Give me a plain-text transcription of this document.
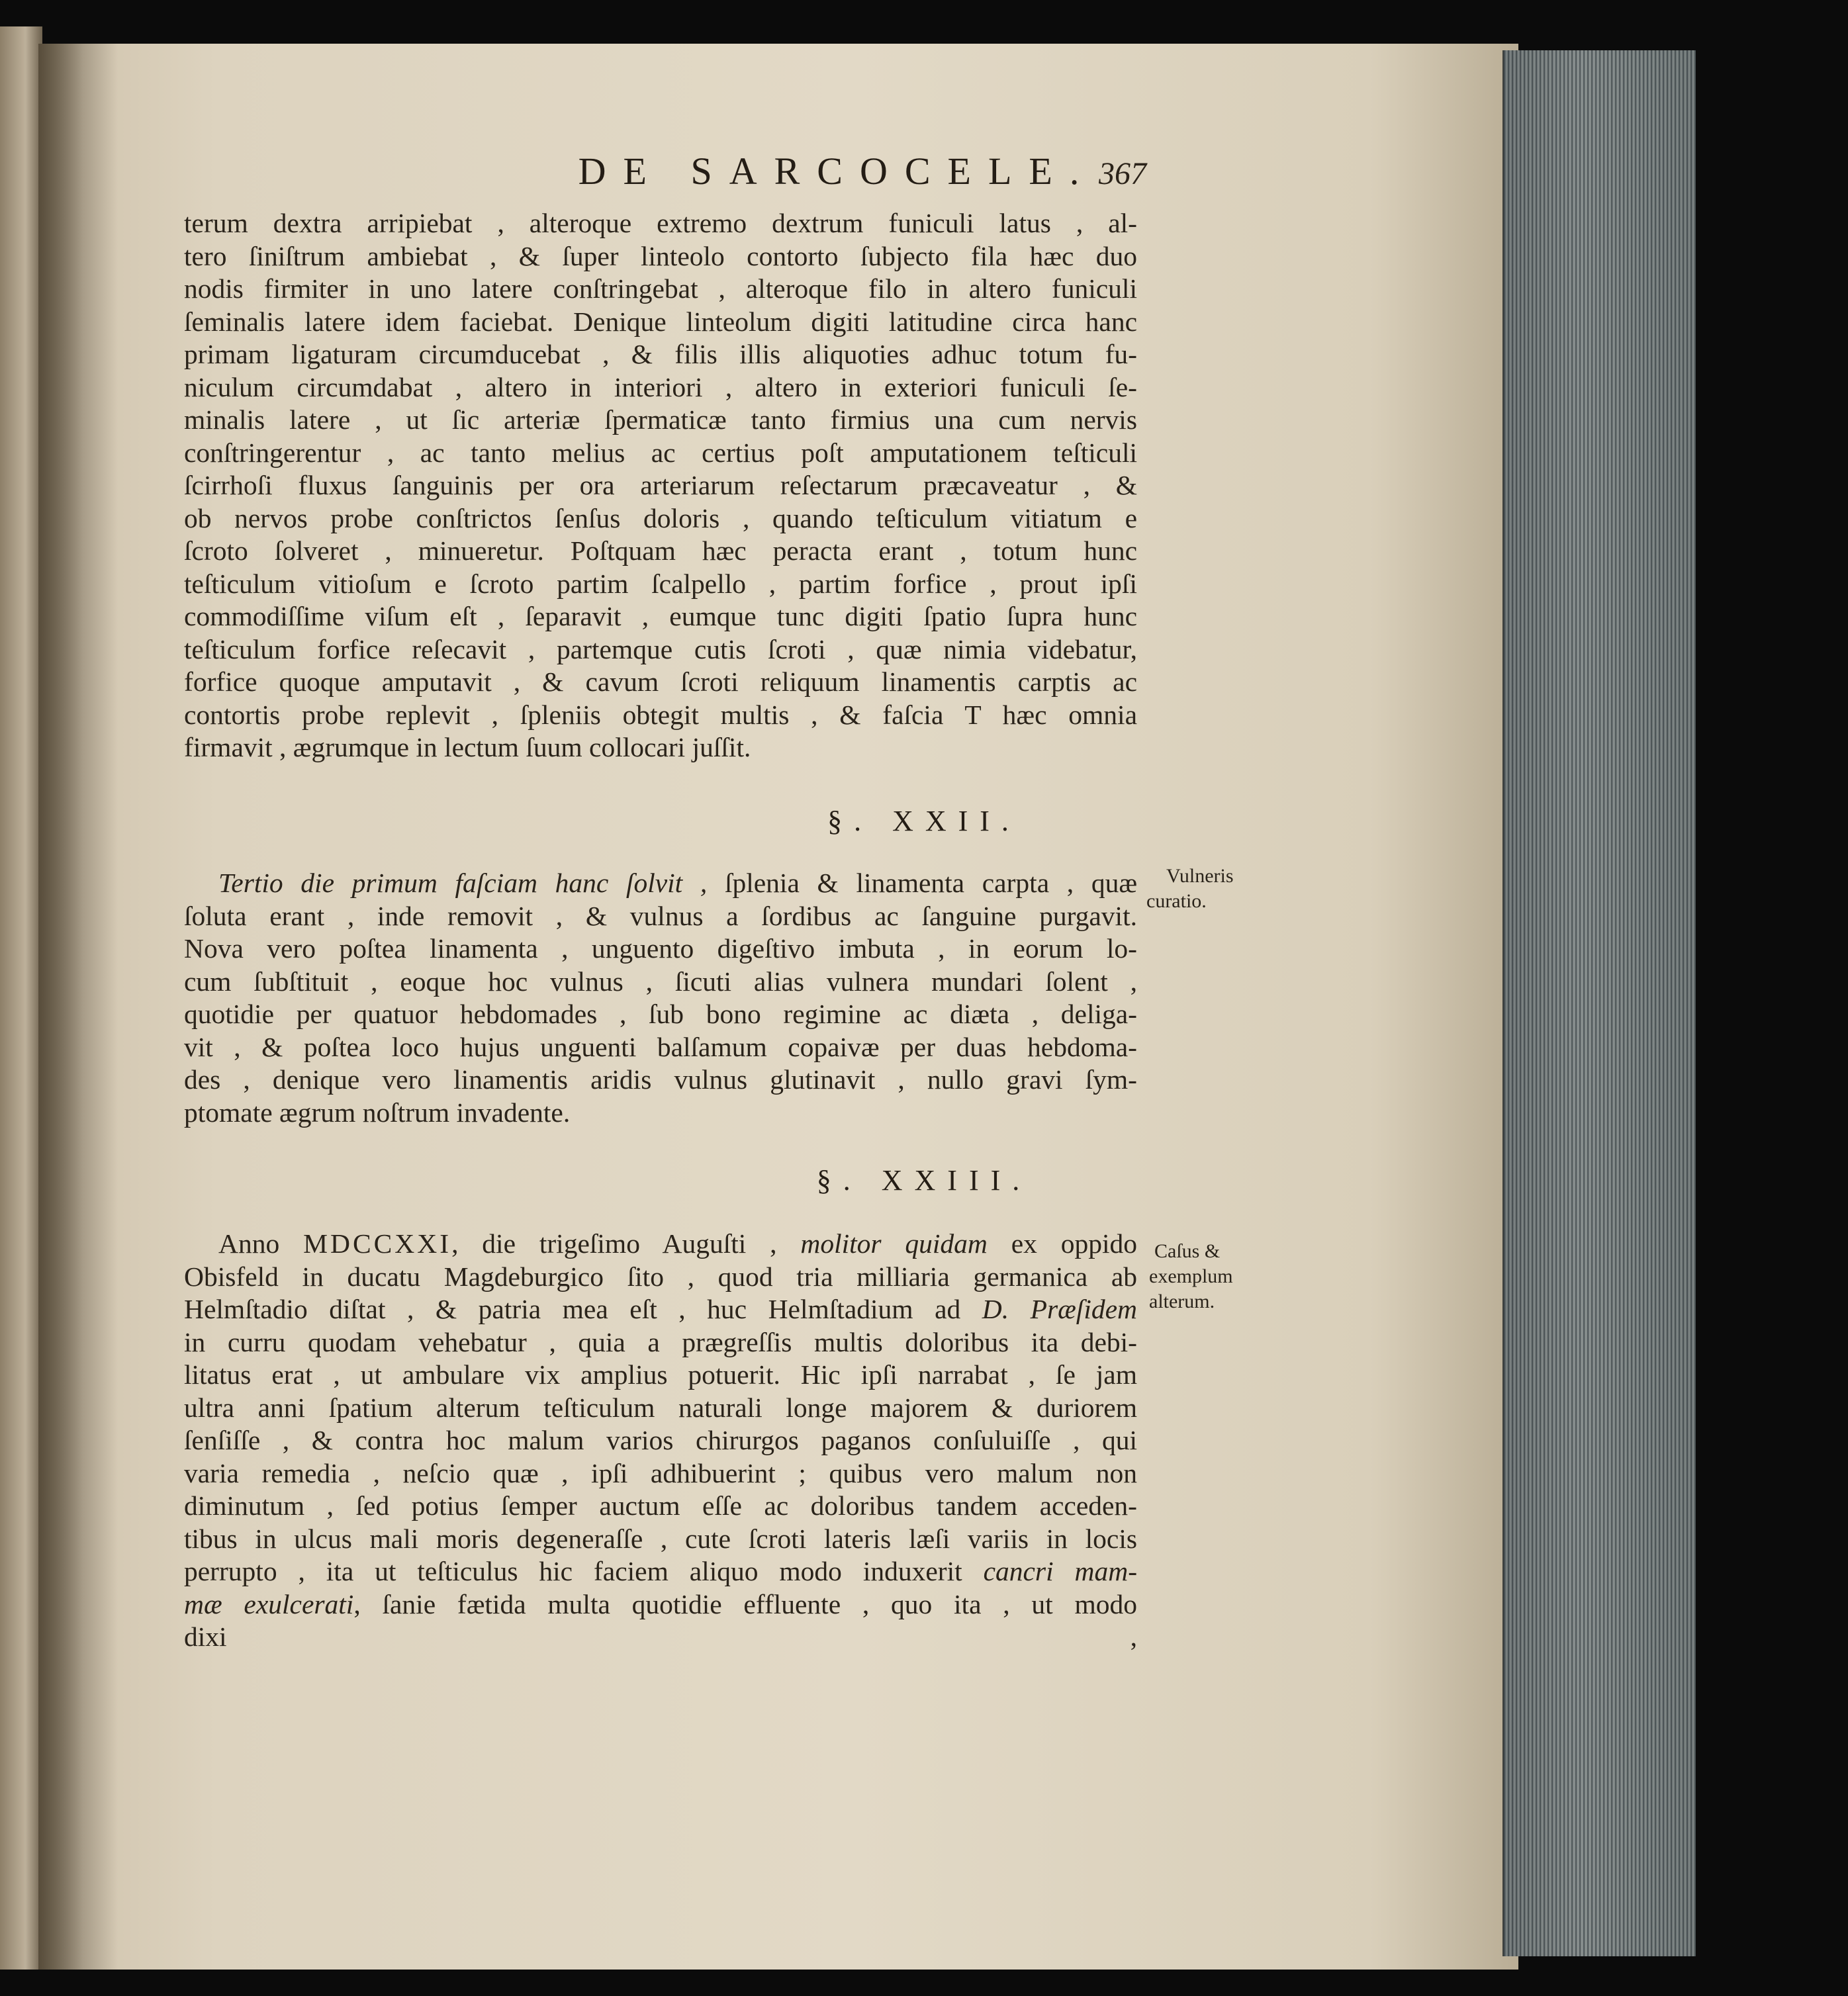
DE SARCOCELE. 367
terum dextra arripiebat , alteroque extremo dextrum funiculi latus , al-
tero ſiniſtrum ambiebat , & ſuper linteolo contorto ſubjecto fila hæc duo
nodis firmiter in uno latere conſtringebat , alteroque filo in altero funiculi
ſeminalis latere idem faciebat. Denique linteolum digiti latitudine circa hanc
primam ligaturam circumducebat , & filis illis aliquoties adhuc totum fu-
niculum circumdabat , altero in interiori , altero in exteriori funiculi ſe-
minalis latere , ut ſic arteriæ ſpermaticæ tanto firmius una cum nervis
conſtringerentur , ac tanto melius ac certius poſt amputationem teſticuli
ſcirrhoſi fluxus ſanguinis per ora arteriarum reſectarum præcaveatur , &
ob nervos probe conſtrictos ſenſus doloris , quando teſticulum vitiatum e
ſcroto ſolveret , minueretur. Poſtquam hæc peracta erant , totum hunc
teſticulum vitioſum e ſcroto partim ſcalpello , partim forfice , prout ipſi
commodiſſime viſum eſt , ſeparavit , eumque tunc digiti ſpatio ſupra hunc
teſticulum forfice reſecavit , partemque cutis ſcroti , quæ nimia videbatur,
forfice quoque amputavit , & cavum ſcroti reliquum linamentis carptis ac
contortis probe replevit , ſpleniis obtegit multis , & faſcia T hæc omnia
firmavit , ægrumque in lectum ſuum collocari juſſit.
§. XXII.
Tertio die primum faſciam hanc ſolvit , ſplenia & linamenta carpta , quæ
ſoluta erant , inde removit , & vulnus a ſordibus ac ſanguine purgavit.
Nova vero poſtea linamenta , unguento digeſtivo imbuta , in eorum lo-
cum ſubſtituit , eoque hoc vulnus , ſicuti alias vulnera mundari ſolent ,
quotidie per quatuor hebdomades , ſub bono regimine ac diæta , deliga-
vit , & poſtea loco hujus unguenti balſamum copaivæ per duas hebdoma-
des , denique vero linamentis aridis vulnus glutinavit , nullo gravi ſym-
ptomate ægrum noſtrum invadente.
Vulneris
curatio.
§. XXIII.
Anno MDCCXXI, die trigeſimo Auguſti , molitor quidam ex oppido
Obisfeld in ducatu Magdeburgico ſito , quod tria milliaria germanica ab
Helmſtadio diſtat , & patria mea eſt , huc Helmſtadium ad D. Præſidem
in curru quodam vehebatur , quia a prægreſſis multis doloribus ita debi-
litatus erat , ut ambulare vix amplius potuerit. Hic ipſi narrabat , ſe jam
ultra anni ſpatium alterum teſticulum naturali longe majorem & duriorem
ſenſiſſe , & contra hoc malum varios chirurgos paganos conſuluiſſe , qui
varia remedia , neſcio quæ , ipſi adhibuerint ; quibus vero malum non
diminutum , ſed potius ſemper auctum eſſe ac doloribus tandem acceden-
tibus in ulcus mali moris degeneraſſe , cute ſcroti lateris læſi variis in locis
perrupto , ita ut teſticulus hic faciem aliquo modo induxerit cancri mam-
mæ exulcerati, ſanie fætida multa quotidie effluente , quo ita , ut modo
dixi ,
Caſus &
exemplum
alterum.
